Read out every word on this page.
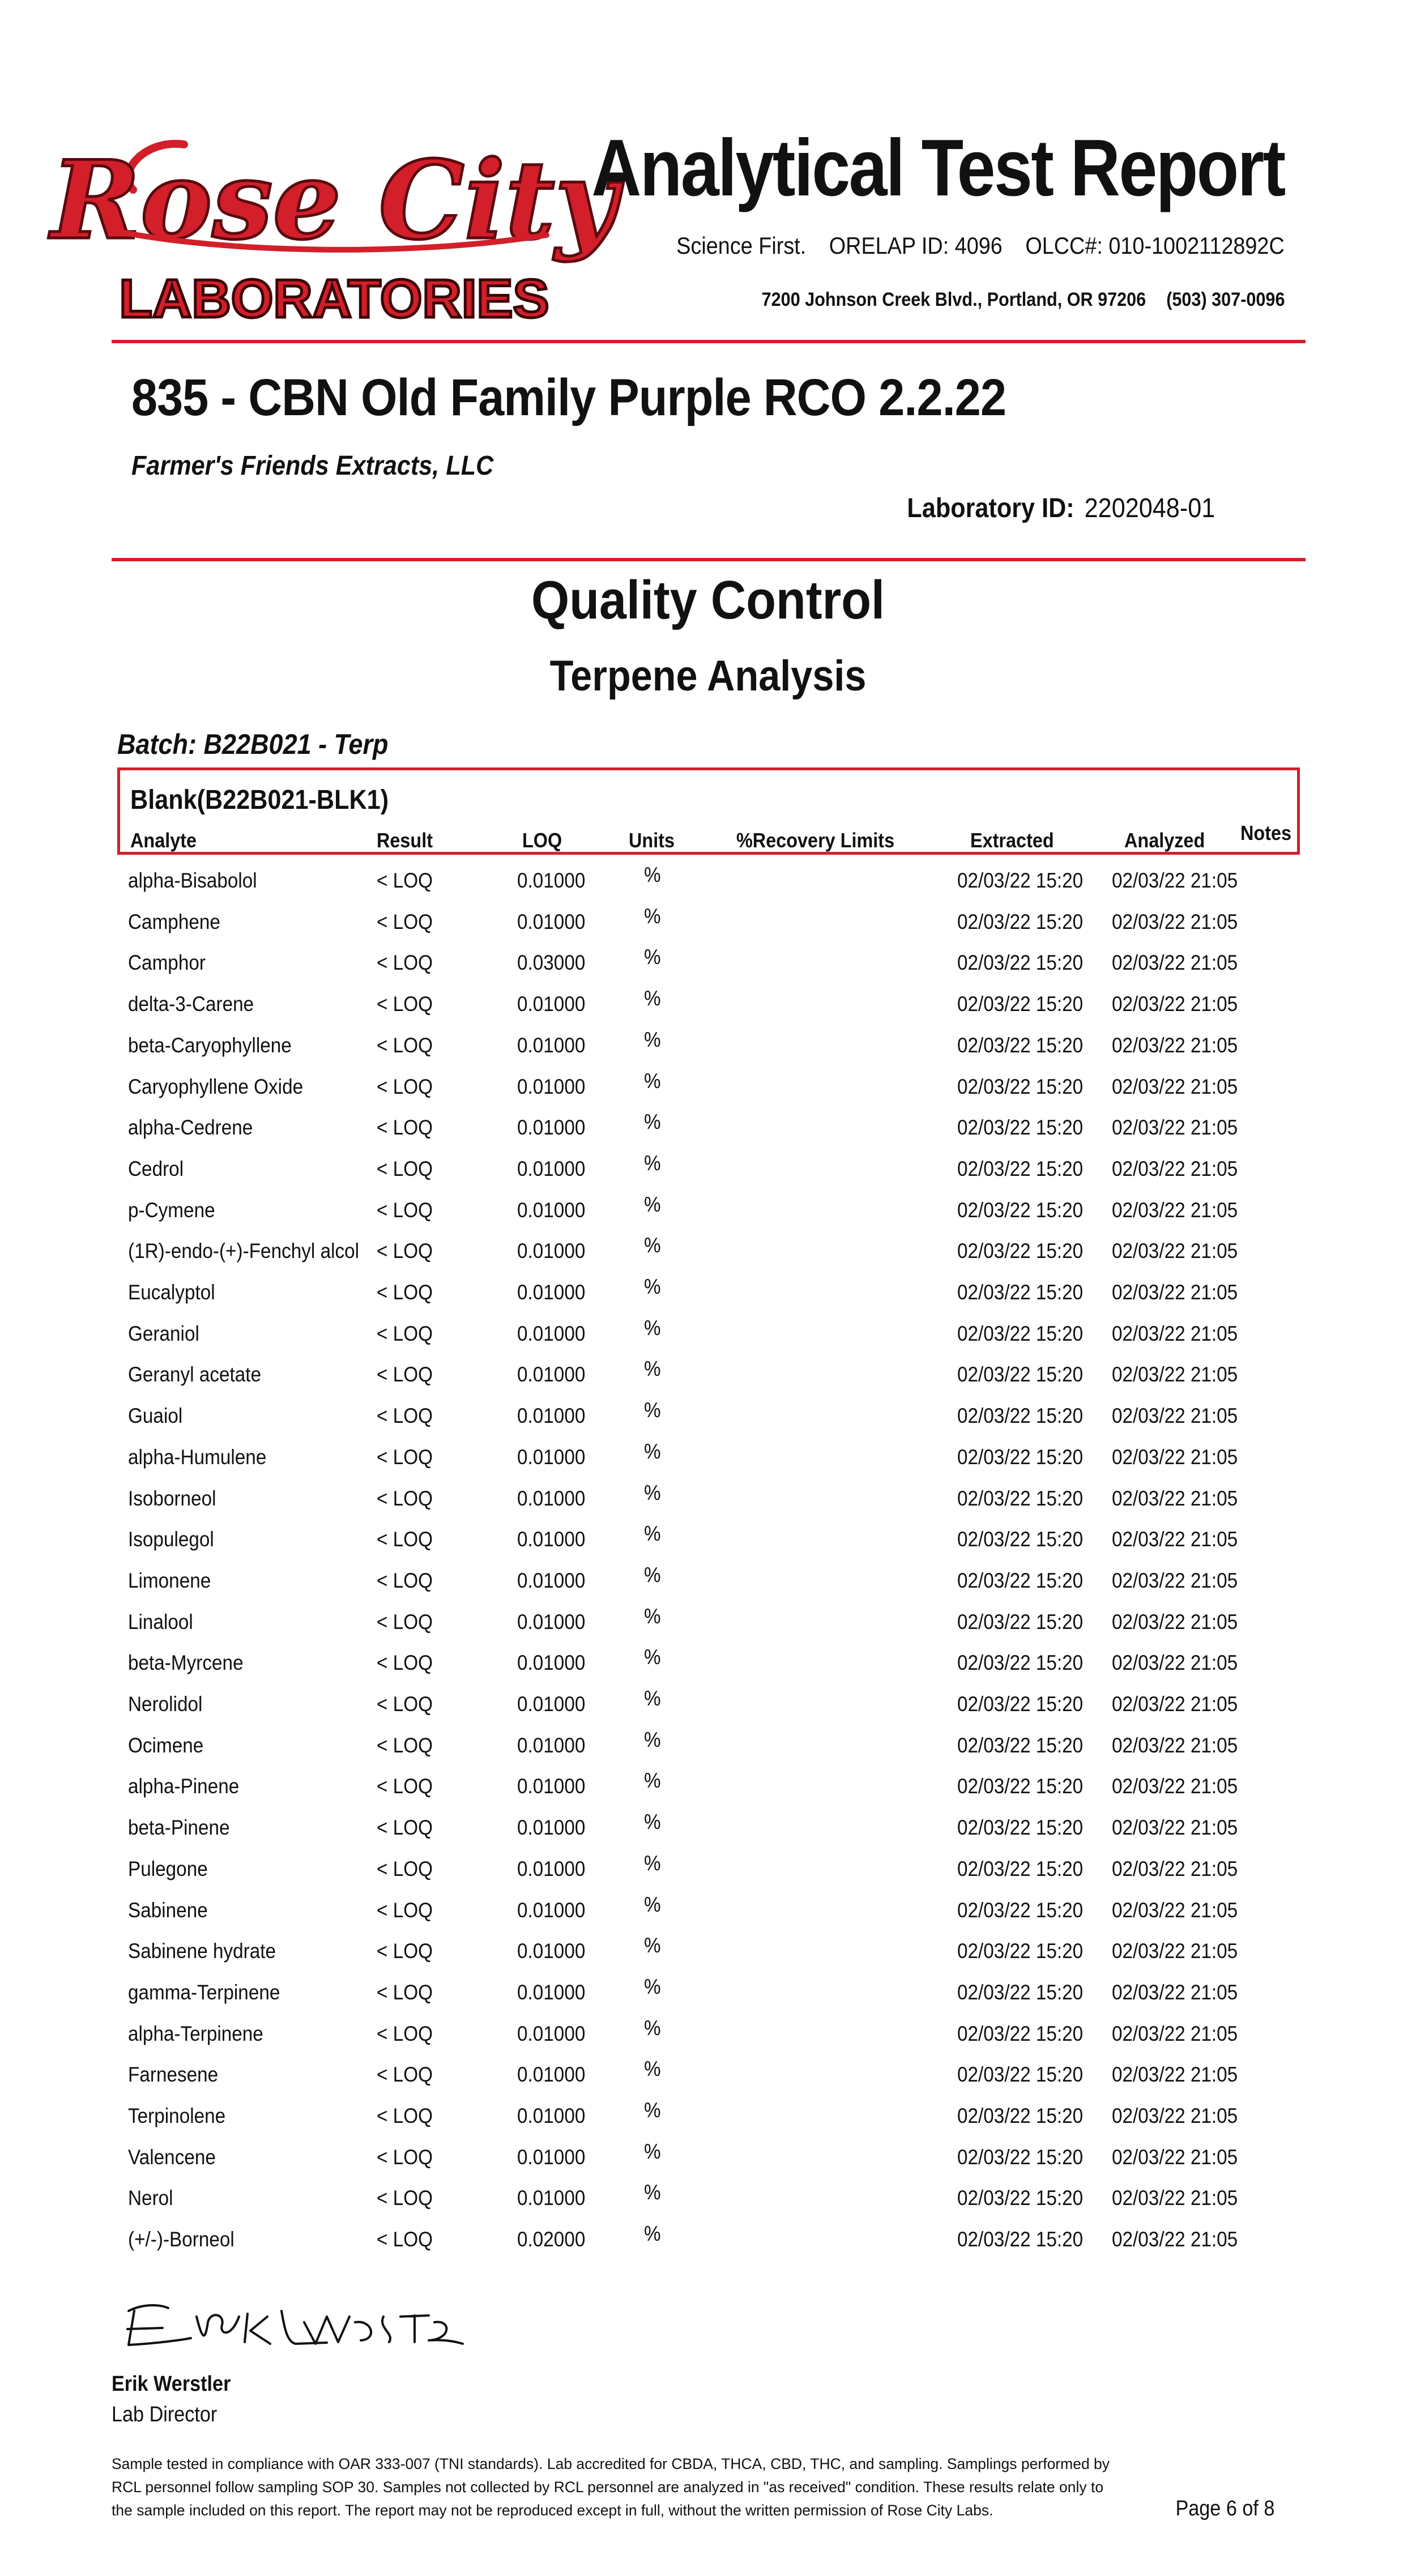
Rose City
LABORATORIES
Analytical Test Report
Science First. ORELAP ID: 4096 OLCC#: 010-1002112892C
7200 Johnson Creek Blvd., Portland, OR 97206 (503) 307-0096
835 - CBN Old Family Purple RCO 2.2.22
Farmer's Friends Extracts, LLC
Laboratory ID: 2202048-01
Quality Control
Terpene Analysis
Batch: B22B021 - Terp
Blank(B22B021-BLK1)
Analyte	Result	LOQ	Units	%Recovery Limits	Extracted	Analyzed Notes
alpha-Bisabolol	< LOQ	0.01000	%	02/03/22 15:20 02/03/22 21:05
Camphene	< LOQ	0.01000	%	02/03/22 15:20 02/03/22 21:05
Camphor	< LOQ	0.03000	%	02/03/22 15:20 02/03/22 21:05
delta-3-Carene	< LOQ	0.01000	%	02/03/22 15:20 02/03/22 21:05
beta-Caryophyllene	< LOQ	0.01000	%	02/03/22 15:20 02/03/22 21:05
Caryophyllene Oxide	< LOQ	0.01000	%	02/03/22 15:20 02/03/22 21:05
alpha-Cedrene	< LOQ	0.01000	%	02/03/22 15:20 02/03/22 21:05
Cedrol	< LOQ	0.01000	%	02/03/22 15:20 02/03/22 21:05
p-Cymene	< LOQ	0.01000	%	02/03/22 15:20 02/03/22 21:05
(1R)-endo-(+)-Fenchyl alcol < LOQ	0.01000	%	02/03/22 15:20 02/03/22 21:05
Eucalyptol	< LOQ	0.01000	%	02/03/22 15:20 02/03/22 21:05
Geraniol	< LOQ	0.01000	%	02/03/22 15:20 02/03/22 21:05
Geranyl acetate	< LOQ	0.01000	%	02/03/22 15:20 02/03/22 21:05
Guaiol	< LOQ	0.01000	%	02/03/22 15:20 02/03/22 21:05
alpha-Humulene	< LOQ	0.01000	%	02/03/22 15:20 02/03/22 21:05
Isoborneol	< LOQ	0.01000	%	02/03/22 15:20 02/03/22 21:05
Isopulegol	< LOQ	0.01000	%	02/03/22 15:20 02/03/22 21:05
Limonene	< LOQ	0.01000	%	02/03/22 15:20 02/03/22 21:05
Linalool	< LOQ	0.01000	%	02/03/22 15:20 02/03/22 21:05
beta-Myrcene	< LOQ	0.01000	%	02/03/22 15:20 02/03/22 21:05
Nerolidol	< LOQ	0.01000	%	02/03/22 15:20 02/03/22 21:05
Ocimene	< LOQ	0.01000	%	02/03/22 15:20 02/03/22 21:05
alpha-Pinene	< LOQ	0.01000	%	02/03/22 15:20 02/03/22 21:05
beta-Pinene	< LOQ	0.01000	%	02/03/22 15:20 02/03/22 21:05
Pulegone	< LOQ	0.01000	%	02/03/22 15:20 02/03/22 21:05
Sabinene	< LOQ	0.01000	%	02/03/22 15:20 02/03/22 21:05
Sabinene hydrate	< LOQ	0.01000	%	02/03/22 15:20 02/03/22 21:05
gamma-Terpinene	< LOQ	0.01000	%	02/03/22 15:20 02/03/22 21:05
alpha-Terpinene	< LOQ	0.01000	%	02/03/22 15:20 02/03/22 21:05
Farnesene	< LOQ	0.01000	%	02/03/22 15:20 02/03/22 21:05
Terpinolene	< LOQ	0.01000	%	02/03/22 15:20 02/03/22 21:05
Valencene	< LOQ	0.01000	%	02/03/22 15:20 02/03/22 21:05
Nerol	< LOQ	0.01000	%	02/03/22 15:20 02/03/22 21:05
(+/-)-Borneol	< LOQ	0.02000	%	02/03/22 15:20 02/03/22 21:05
Erik Werstler
Lab Director
Sample tested in compliance with OAR 333-007 (TNI standards). Lab accredited for CBDA, THCA, CBD, THC, and sampling. Samplings performed by RCL personnel follow sampling SOP 30. Samples not collected by RCL personnel are analyzed in "as received" condition. These results relate only to the sample included on this report. The report may not be reproduced except in full, without the written permission of Rose City Labs.	Page 6 of 8
